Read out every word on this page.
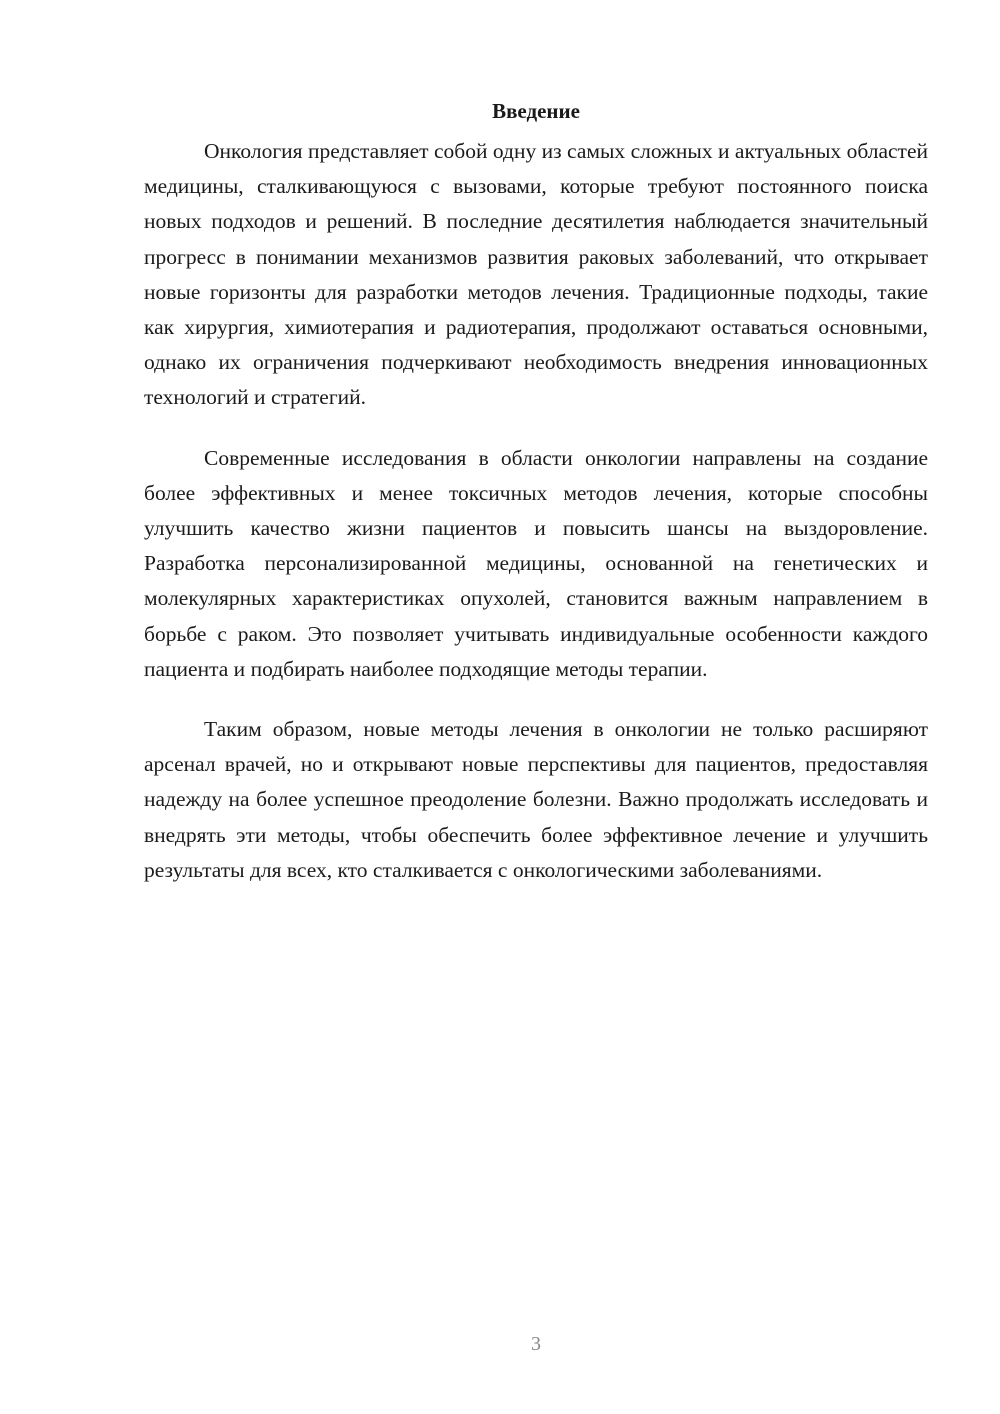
Введение

Онкология представляет собой одну из самых сложных и актуальных областей медицины, сталкивающуюся с вызовами, которые требуют постоянного поиска новых подходов и решений. В последние десятилетия наблюдается значительный прогресс в понимании механизмов развития раковых заболеваний, что открывает новые горизонты для разработки методов лечения. Традиционные подходы, такие как хирургия, химиотерапия и радиотерапия, продолжают оставаться основными, однако их ограничения подчеркивают необходимость внедрения инновационных технологий и стратегий.

Современные исследования в области онкологии направлены на создание более эффективных и менее токсичных методов лечения, которые способны улучшить качество жизни пациентов и повысить шансы на выздоровление. Разработка персонализированной медицины, основанной на генетических и молекулярных характеристиках опухолей, становится важным направлением в борьбе с раком. Это позволяет учитывать индивидуальные особенности каждого пациента и подбирать наиболее подходящие методы терапии.

Таким образом, новые методы лечения в онкологии не только расширяют арсенал врачей, но и открывают новые перспективы для пациентов, предоставляя надежду на более успешное преодоление болезни. Важно продолжать исследовать и внедрять эти методы, чтобы обеспечить более эффективное лечение и улучшить результаты для всех, кто сталкивается с онкологическими заболеваниями.

3
